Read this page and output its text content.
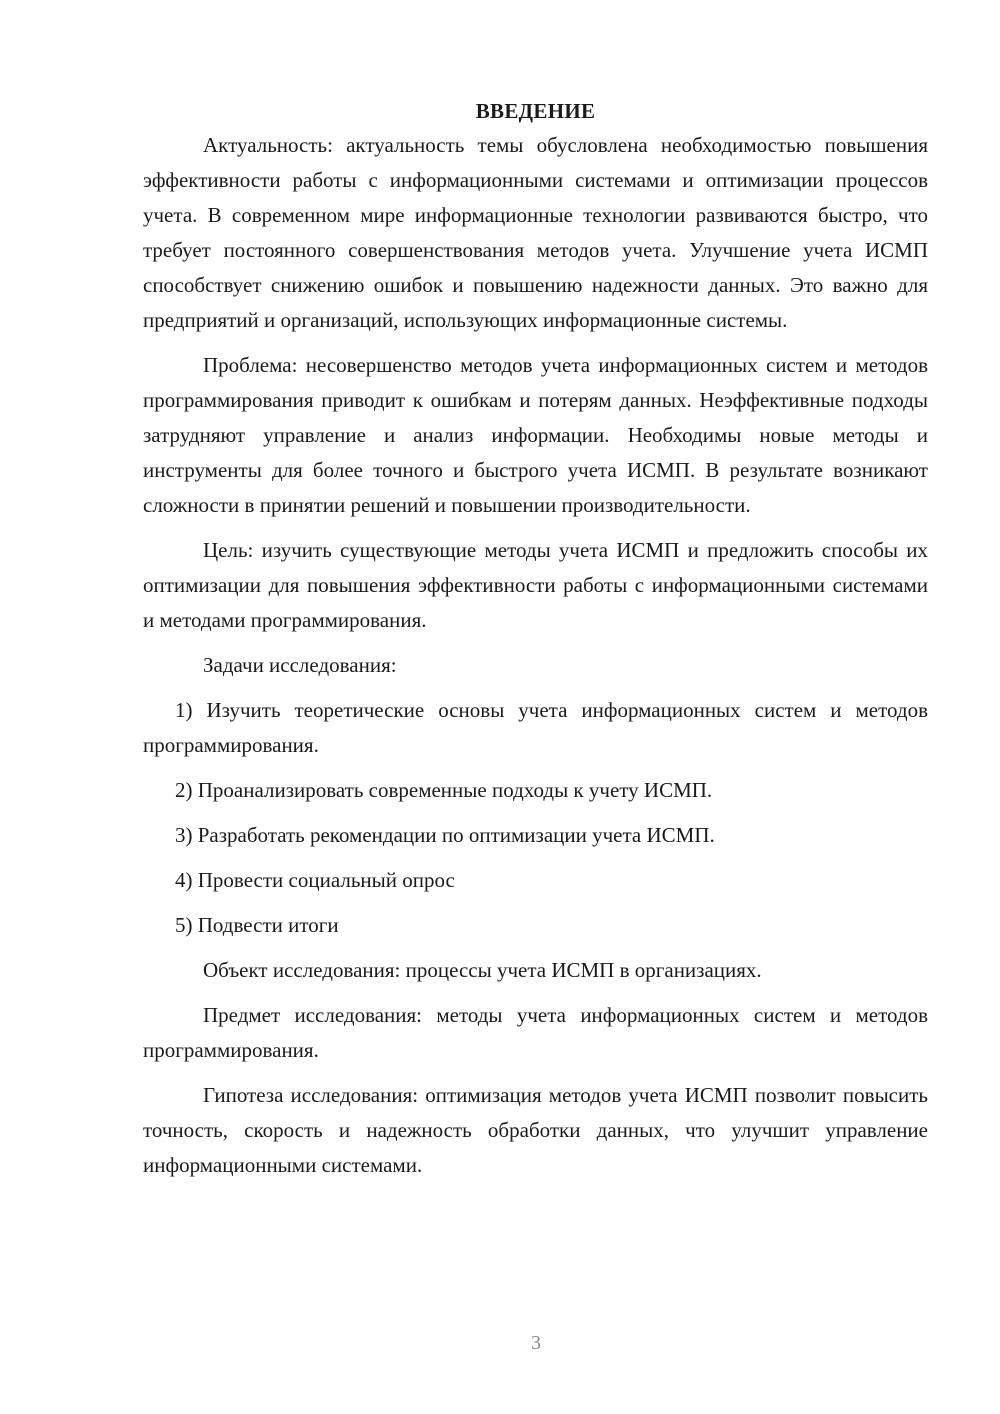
ВВЕДЕНИЕ

Актуальность: актуальность темы обусловлена необходимостью повышения эффективности работы с информационными системами и оптимизации процессов учета. В современном мире информационные технологии развиваются быстро, что требует постоянного совершенствования методов учета. Улучшение учета ИСМП способствует снижению ошибок и повышению надежности данных. Это важно для предприятий и организаций, использующих информационные системы.

Проблема: несовершенство методов учета информационных систем и методов программирования приводит к ошибкам и потерям данных. Неэффективные подходы затрудняют управление и анализ информации. Необходимы новые методы и инструменты для более точного и быстрого учета ИСМП. В результате возникают сложности в принятии решений и повышении производительности.

Цель: изучить существующие методы учета ИСМП и предложить способы их оптимизации для повышения эффективности работы с информационными системами и методами программирования.

Задачи исследования:

1) Изучить теоретические основы учета информационных систем и методов программирования.

2) Проанализировать современные подходы к учету ИСМП.

3) Разработать рекомендации по оптимизации учета ИСМП.

4) Провести социальный опрос

5) Подвести итоги

Объект исследования: процессы учета ИСМП в организациях.

Предмет исследования: методы учета информационных систем и методов программирования.

Гипотеза исследования: оптимизация методов учета ИСМП позволит повысить точность, скорость и надежность обработки данных, что улучшит управление информационными системами.

3
